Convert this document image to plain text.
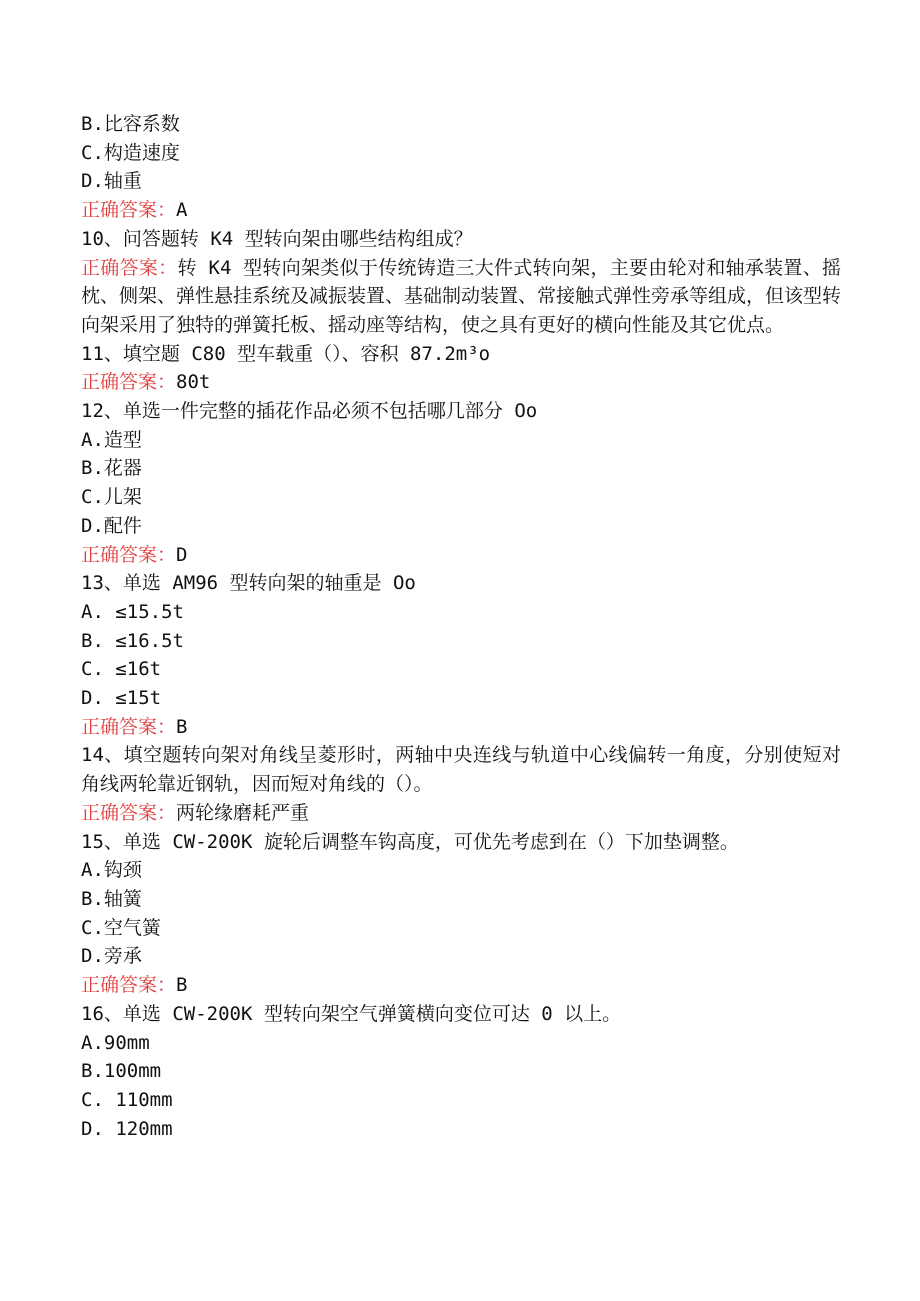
B.比容系数
C.构造速度
D.轴重
正确答案：A
10、问答题转 K4 型转向架由哪些结构组成？
正确答案：转 K4 型转向架类似于传统铸造三大件式转向架，主要由轮对和轴承装置、摇枕、侧架、弹性悬挂系统及减振装置、基础制动装置、常接触式弹性旁承等组成，但该型转向架采用了独特的弹簧托板、摇动座等结构，使之具有更好的横向性能及其它优点。
11、填空题 C80 型车载重（）、容积 87.2m³o
正确答案：80t
12、单选一件完整的插花作品必须不包括哪几部分 Oo
A.造型
B.花器
C.儿架
D.配件
正确答案：D
13、单选 AM96 型转向架的轴重是 Oo
A. ≤15.5t
B. ≤16.5t
C. ≤16t
D. ≤15t
正确答案：B
14、填空题转向架对角线呈菱形时，两轴中央连线与轨道中心线偏转一角度，分别使短对角线两轮靠近钢轨，因而短对角线的（）。
正确答案：两轮缘磨耗严重
15、单选 CW-200K 旋轮后调整车钩高度，可优先考虑到在（）下加垫调整。
A.钩颈
B.轴簧
C.空气簧
D.旁承
正确答案：B
16、单选 CW-200K 型转向架空气弹簧横向变位可达 0 以上。
A.90mm
B.100mm
C. 110mm
D. 120mm
